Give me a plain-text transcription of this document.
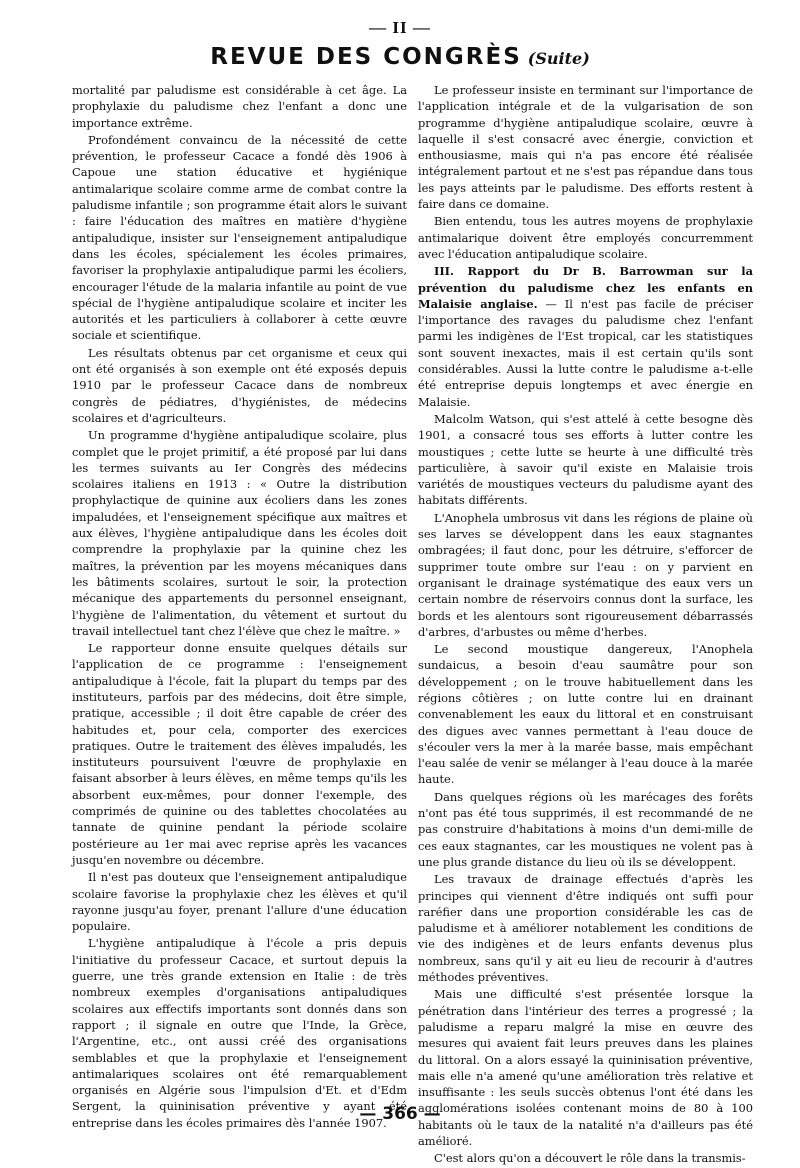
— II —
REVUE DES CONGRÈS (Suite)

mortalité par paludisme est considérable à cet âge. La prophylaxie du paludisme chez l'enfant a donc une importance extrême.

Profondément convaincu de la nécessité de cette prévention, le professeur Cacace a fondé dès 1906 à Capoue une station éducative et hygiénique antimalarique scolaire comme arme de combat contre la paludisme infantile ; son programme était alors le suivant : faire l'éducation des maîtres en matière d'hygiène antipaludique, insister sur l'enseignement antipaludique dans les écoles, spécialement les écoles primaires, favoriser la prophylaxie antipaludique parmi les écoliers, encourager l'étude de la malaria infantile au point de vue spécial de l'hygiène antipaludique scolaire et inciter les autorités et les particuliers à collaborer à cette œuvre sociale et scientifique.

Les résultats obtenus par cet organisme et ceux qui ont été organisés à son exemple ont été exposés depuis 1910 par le professeur Cacace dans de nombreux congrès de pédiatres, d'hygiénistes, de médecins scolaires et d'agriculteurs.

Un programme d'hygiène antipaludique scolaire, plus complet que le projet primitif, a été proposé par lui dans les termes suivants au Ier Congrès des médecins scolaires italiens en 1913 : « Outre la distribution prophylactique de quinine aux écoliers dans les zones impaludées, et l'enseignement spécifique aux maîtres et aux élèves, l'hygiène antipaludique dans les écoles doit comprendre la prophylaxie par la quinine chez les maîtres, la prévention par les moyens mécaniques dans les bâtiments scolaires, surtout le soir, la protection mécanique des appartements du personnel enseignant, l'hygiène de l'alimentation, du vêtement et surtout du travail intellectuel tant chez l'élève que chez le maître. »

Le rapporteur donne ensuite quelques détails sur l'application de ce programme : l'enseignement antipaludique à l'école, fait la plupart du temps par des instituteurs, parfois par des médecins, doit être simple, pratique, accessible ; il doit être capable de créer des habitudes et, pour cela, comporter des exercices pratiques. Outre le traitement des élèves impaludés, les instituteurs poursuivent l'œuvre de prophylaxie en faisant absorber à leurs élèves, en même temps qu'ils les absorbent eux-mêmes, pour donner l'exemple, des comprimés de quinine ou des tablettes chocolatées au tannate de quinine pendant la période scolaire postérieure au 1er mai avec reprise après les vacances jusqu'en novembre ou décembre.

Il n'est pas douteux que l'enseignement antipaludique scolaire favorise la prophylaxie chez les élèves et qu'il rayonne jusqu'au foyer, prenant l'allure d'une éducation populaire.

L'hygiène antipaludique à l'école a pris depuis l'initiative du professeur Cacace, et surtout depuis la guerre, une très grande extension en Italie : de très nombreux exemples d'organisations antipaludiques scolaires aux effectifs importants sont donnés dans son rapport ; il signale en outre que l'Inde, la Grèce, l'Argentine, etc., ont aussi créé des organisations semblables et que la prophylaxie et l'enseignement antimalariques scolaires ont été remarquablement organisés en Algérie sous l'impulsion d'Et. et d'Edm Sergent, la quininisation préventive y ayant été entreprise dans les écoles primaires dès l'année 1907.

Le professeur insiste en terminant sur l'importance de l'application intégrale et de la vulgarisation de son programme d'hygiène antipaludique scolaire, œuvre à laquelle il s'est consacré avec énergie, conviction et enthousiasme, mais qui n'a pas encore été réalisée intégralement partout et ne s'est pas répandue dans tous les pays atteints par le paludisme. Des efforts restent à faire dans ce domaine.

Bien entendu, tous les autres moyens de prophylaxie antimalarique doivent être employés concurremment avec l'éducation antipaludique scolaire.

III. Rapport du Dr B. Barrowman sur la prévention du paludisme chez les enfants en Malaisie anglaise. — Il n'est pas facile de préciser l'importance des ravages du paludisme chez l'enfant parmi les indigènes de l'Est tropical, car les statistiques sont souvent inexactes, mais il est certain qu'ils sont considérables. Aussi la lutte contre le paludisme a-t-elle été entreprise depuis longtemps et avec énergie en Malaisie.

Malcolm Watson, qui s'est attelé à cette besogne dès 1901, a consacré tous ses efforts à lutter contre les moustiques ; cette lutte se heurte à une difficulté très particulière, à savoir qu'il existe en Malaisie trois variétés de moustiques vecteurs du paludisme ayant des habitats différents.

L'Anophela umbrosus vit dans les régions de plaine où ses larves se développent dans les eaux stagnantes ombragées; il faut donc, pour les détruire, s'efforcer de supprimer toute ombre sur l'eau : on y parvient en organisant le drainage systématique des eaux vers un certain nombre de réservoirs connus dont la surface, les bords et les alentours sont rigoureusement débarrassés d'arbres, d'arbustes ou même d'herbes.

Le second moustique dangereux, l'Anophela sundaicus, a besoin d'eau saumâtre pour son développement ; on le trouve habituellement dans les régions côtières ; on lutte contre lui en drainant convenablement les eaux du littoral et en construisant des digues avec vannes permettant à l'eau douce de s'écouler vers la mer à la marée basse, mais empêchant l'eau salée de venir se mélanger à l'eau douce à la marée haute.

Dans quelques régions où les marécages des forêts n'ont pas été tous supprimés, il est recommandé de ne pas construire d'habitations à moins d'un demi-mille de ces eaux stagnantes, car les moustiques ne volent pas à une plus grande distance du lieu où ils se développent.

Les travaux de drainage effectués d'après les principes qui viennent d'être indiqués ont suffi pour raréfier dans une proportion considérable les cas de paludisme et à améliorer notablement les conditions de vie des indigènes et de leurs enfants devenus plus nombreux, sans qu'il y ait eu lieu de recourir à d'autres méthodes préventives.

Mais une difficulté s'est présentée lorsque la pénétration dans l'intérieur des terres a progressé ; la paludisme a reparu malgré la mise en œuvre des mesures qui avaient fait leurs preuves dans les plaines du littoral. On a alors essayé la quininisation préventive, mais elle n'a amené qu'une amélioration très relative et insuffisante : les seuls succès obtenus l'ont été dans les agglomérations isolées contenant moins de 80 à 100 habitants où le taux de la natalité n'a d'ailleurs pas été amélioré.

C'est alors qu'on a découvert le rôle dans la transmis-

— 366 —
